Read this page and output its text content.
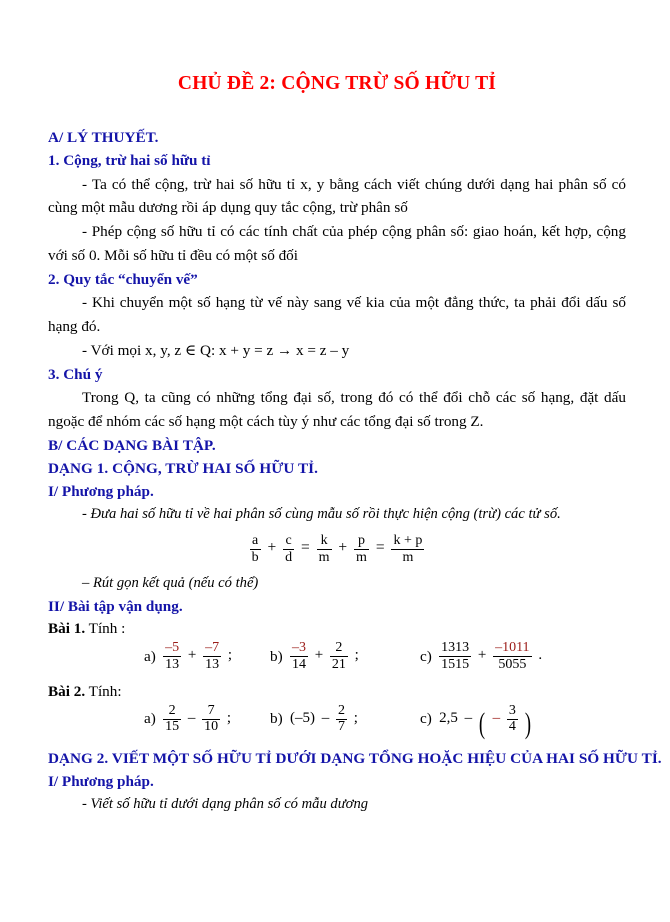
CHỦ ĐỀ 2: CỘNG TRỪ SỐ HỮU TỈ
A/ LÝ THUYẾT.
1. Cộng, trừ hai số hữu tỉ

- Ta có thể cộng, trừ hai số hữu tỉ x, y bằng cách viết chúng dưới dạng hai phân số có cùng một mẫu dương rồi áp dụng quy tắc cộng, trừ phân số

- Phép cộng số hữu tỉ có các tính chất của phép cộng phân số: giao hoán, kết hợp, cộng với số 0. Mỗi số hữu tỉ đều có một số đối

2. Quy tắc “chuyển vế”

- Khi chuyển một số hạng từ vế này sang vế kia của một đẳng thức, ta phải đổi dấu số hạng đó.

- Với mọi x, y, z ∈ Q: x + y = z → x = z – y

3. Chú ý

Trong Q, ta cũng có những tổng đại số, trong đó có thể đổi chỗ các số hạng, đặt dấu ngoặc để nhóm các số hạng một cách tùy ý như các tổng đại số trong Z.

B/ CÁC DẠNG BÀI TẬP.
DẠNG 1. CỘNG, TRỪ HAI SỐ HỮU TỈ.
I/ Phương pháp.

- Đưa hai số hữu tỉ về hai phân số cùng mẫu số rồi thực hiện cộng (trừ) các tử số.

$\frac{a}{b} + \frac{c}{d} = \frac{k}{m} + \frac{p}{m} = \frac{k + p}{m}$

– Rút gọn kết quả (nếu có thể)

II/ Bài tập vận dụng.
Bài 1. Tính :
$a) \frac{-5}{13} + \frac{-7}{13}$ ;	$b) \frac{-3}{14} + \frac{2}{21}$ ;	$c) \frac{1313}{1515} + \frac{-1011}{5055}$ .
Bài 2. Tính:
$a) \frac{2}{15} - \frac{7}{10}$ ;	b) $(-5) - \frac{2}{7}$ ;	c) 2,5 – ( – $\frac{3}{4}$ )
DẠNG 2. VIẾT MỘT SỐ HỮU TỈ DƯỚI DẠNG TỔNG HOẶC HIỆU CỦA HAI SỐ HỮU TỈ.
I/ Phương pháp.

- Viết số hữu tỉ dưới dạng phân số có mẫu dương
